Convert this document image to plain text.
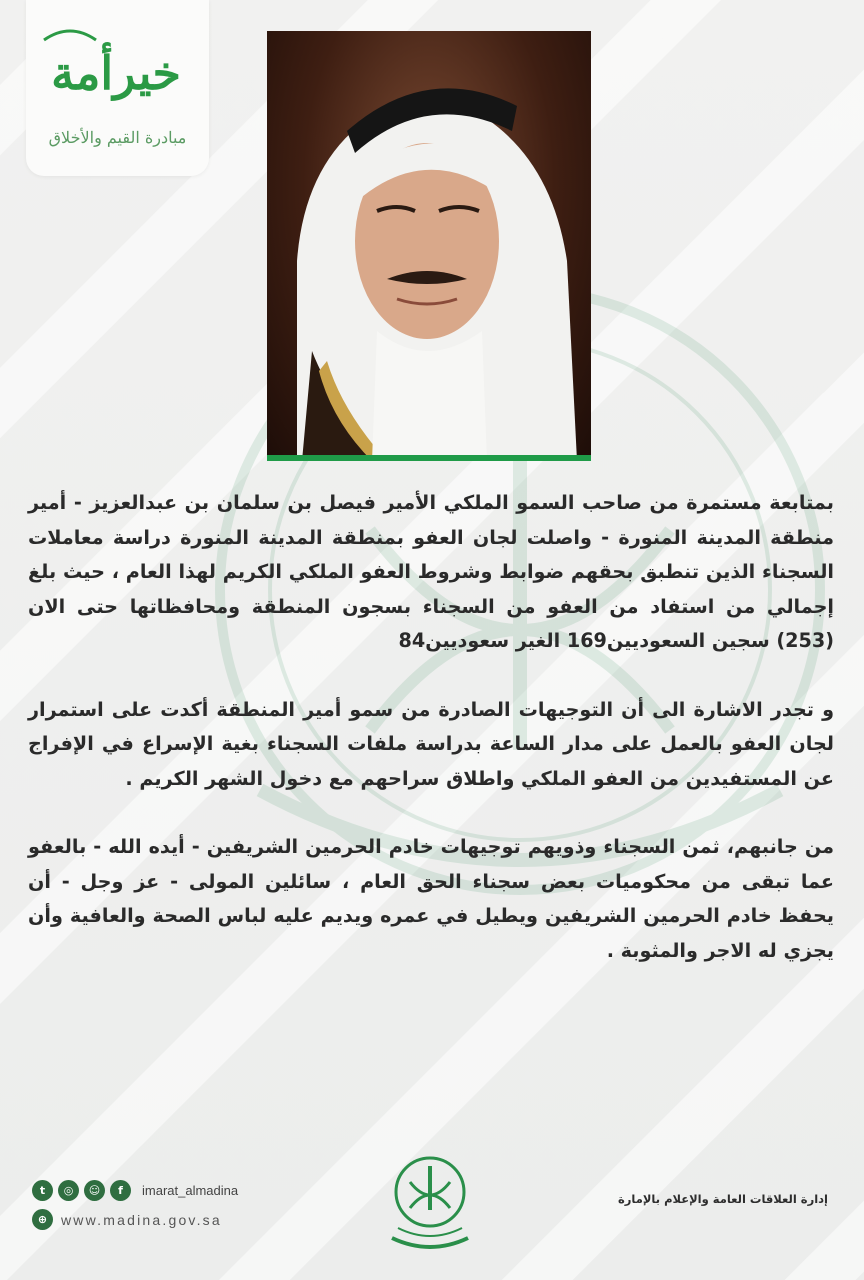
خيرأمة
مبادرة القيم والأخلاق

بمتابعة مستمرة من صاحب السمو الملكي الأمير فيصل بن سلمان بن عبدالعزيز - أمير منطقة المدينة المنورة - واصلت لجان العفو بمنطقة المدينة المنورة دراسة معاملات السجناء الذين تنطبق بحقهم ضوابط وشروط العفو الملكي الكريم لهذا العام ، حيث بلغ إجمالي من استفاد من العفو من السجناء بسجون المنطقة ومحافظاتها حتى الان (253) سجين السعوديين169 الغير سعوديين84

و تجدر الاشارة الى أن التوجيهات الصادرة من سمو أمير المنطقة أكدت على استمرار لجان العفو بالعمل على مدار الساعة بدراسة ملفات السجناء بغية الإسراع في الإفراج عن المستفيدين من العفو الملكي واطلاق سراحهم مع دخول الشهر الكريم .

من جانبهم، ثمن السجناء وذويهم توجيهات خادم الحرمين الشريفين - أيده الله - بالعفو عما تبقى من محكوميات بعض سجناء الحق العام ، سائلين المولى - عز وجل - أن يحفظ خادم الحرمين الشريفين ويطيل في عمره ويديم عليه لباس الصحة والعافية وأن يجزي له الاجر والمثوبة .

t	◎	☺	f	imarat_almadina
⊕ www.madina.gov.sa
إدارة العلاقات العامة والإعلام بالإمارة
